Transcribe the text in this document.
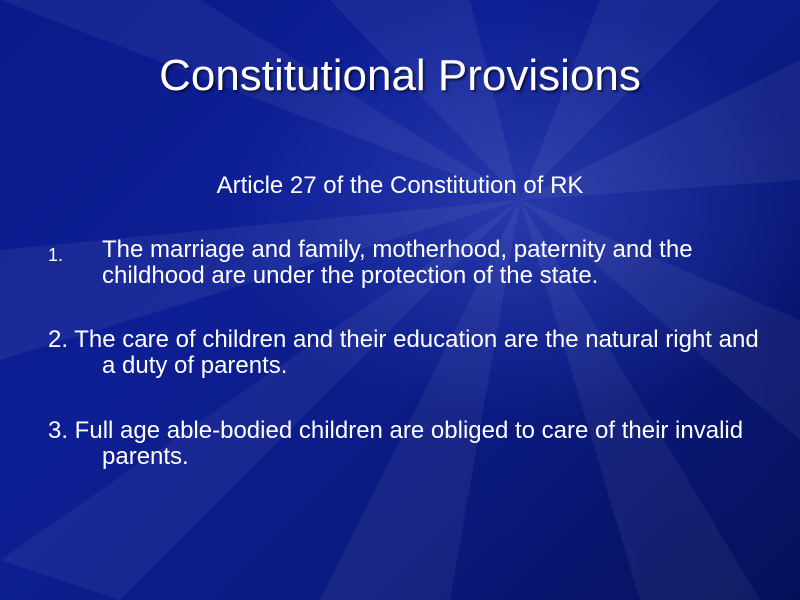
Constitutional Provisions
Article 27 of the Constitution of RK
1. The marriage and family, motherhood, paternity and the childhood are under the protection of the state.
2. The care of children and their education are the natural right and a duty of parents.
3. Full age able-bodied children are obliged to care of their invalid parents.
